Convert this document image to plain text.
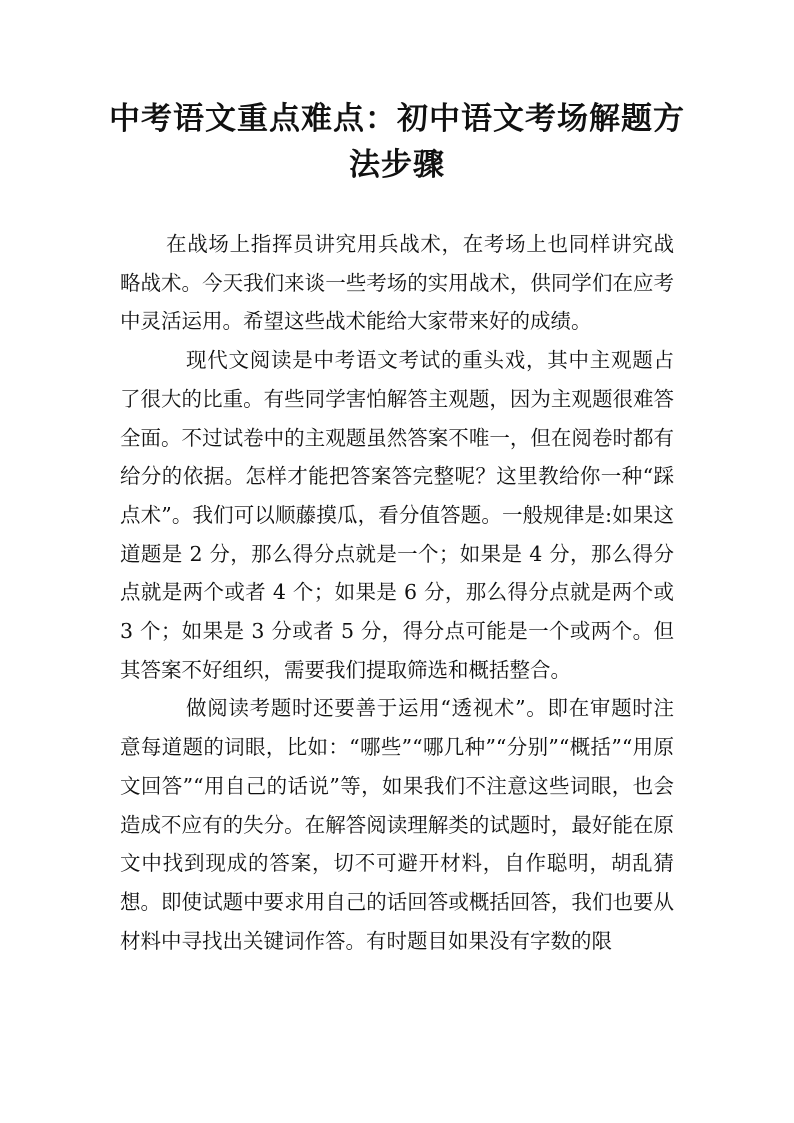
中考语文重点难点：初中语文考场解题方法步骤

在战场上指挥员讲究用兵战术，在考场上也同样讲究战略战术。今天我们来谈一些考场的实用战术，供同学们在应考中灵活运用。希望这些战术能给大家带来好的成绩。

现代文阅读是中考语文考试的重头戏，其中主观题占了很大的比重。有些同学害怕解答主观题，因为主观题很难答全面。不过试卷中的主观题虽然答案不唯一，但在阅卷时都有给分的依据。怎样才能把答案答完整呢？这里教给你一种“踩点术”。我们可以顺藤摸瓜，看分值答题。一般规律是:如果这道题是 2 分，那么得分点就是一个；如果是 4 分，那么得分点就是两个或者 4 个；如果是 6 分，那么得分点就是两个或 3 个；如果是 3 分或者 5 分，得分点可能是一个或两个。但其答案不好组织，需要我们提取筛选和概括整合。

做阅读考题时还要善于运用“透视术”。即在审题时注意每道题的词眼，比如：“哪些”“哪几种”“分别”“概括”“用原文回答”“用自己的话说”等，如果我们不注意这些词眼，也会造成不应有的失分。在解答阅读理解类的试题时，最好能在原文中找到现成的答案，切不可避开材料，自作聪明，胡乱猜想。即使试题中要求用自己的话回答或概括回答，我们也要从材料中寻找出关键词作答。有时题目如果没有字数的限
